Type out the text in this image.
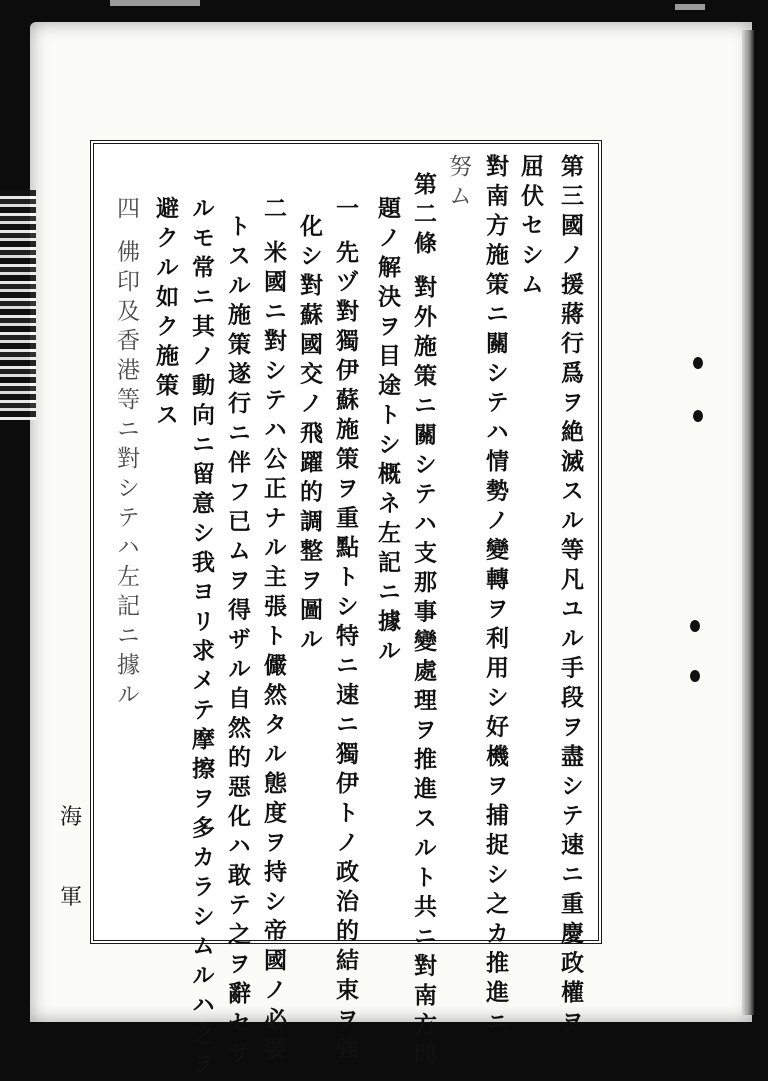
第三國ノ援蔣行爲ヲ絶滅スル等凡ユル手段ヲ盡シテ速ニ重慶政權ヲ
屈伏セシム
對南方施策ニ關シテハ情勢ノ變轉ヲ利用シ好機ヲ捕捉シ之カ推進ニ
努ム
第二條 對外施策ニ關シテハ支那事變處理ヲ推進スルト共ニ對南方問
題ノ解決ヲ目途トシ概ネ左記ニ據ル
一 先ヅ對獨伊蘇施策ヲ重點トシ特ニ速ニ獨伊トノ政治的結束ヲ強
化シ對蘇國交ノ飛躍的調整ヲ圖ル
二 米國ニ對シテハ公正ナル主張ト儼然タル態度ヲ持シ帝國ノ必要
トスル施策遂行ニ伴フ已ムヲ得ザル自然的惡化ハ敢テ之ヲ辭セサ
ルモ常ニ其ノ動向ニ留意シ我ヨリ求メテ摩擦ヲ多カラシムルハ之ヲ
避クル如ク施策ス
四 佛印及香港等ニ對シテハ左記ニ據ル
海
軍
